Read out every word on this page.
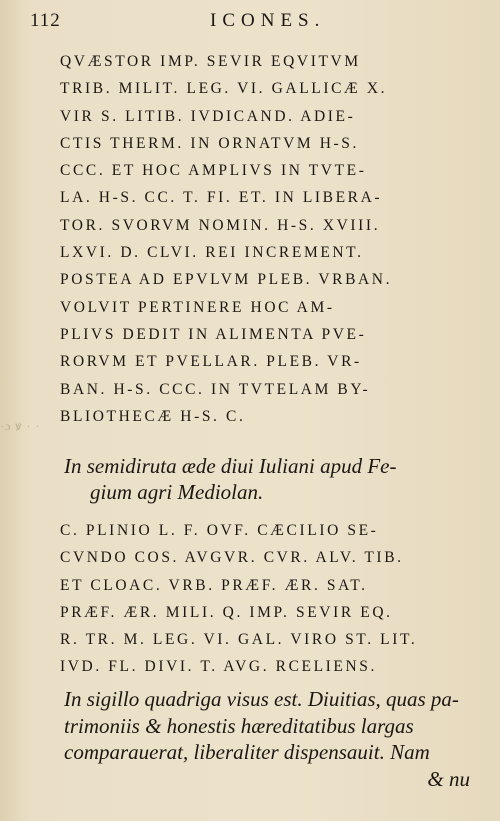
112	ICONES.
·ɔ ꝟ · ·
QVÆSTOR IMP. SEVIR EQVITVM
TRIB. MILIT. LEG. VI. GALLICÆ X.
VIR S. LITIB. IVDICAND. ADIE-
CTIS THERM. IN ORNATVM H-S.
CCC. ET HOC AMPLIVS IN TVTE-
LA. H-S. CC. T. FI. ET. IN LIBERA-
TOR. SVORVM NOMIN. H-S. XVIII.
LXVI. D. CLVI. REI INCREMENT.
POSTEA AD EPVLVM PLEB. VRBAN.
VOLVIT PERTINERE HOC AM-
PLIVS DEDIT IN ALIMENTA PVE-
RORVM ET PVELLAR. PLEB. VR-
BAN. H-S. CCC. IN TVTELAM BY-
BLIOTHECÆ H-S. C.
In semidiruta æde diui Iuliani apud Fe-
gium agri Mediolan.
C. PLINIO L. F. OVF. CÆCILIO SE-
CVNDO COS. AVGVR. CVR. ALV. TIB.
ET CLOAC. VRB. PRÆF. ÆR. SAT.
PRÆF. ÆR. MILI. Q. IMP. SEVIR EQ.
R. TR. M. LEG. VI. GAL. VIRO ST. LIT.
IVD. FL. DIVI. T. AVG. RCELIENS.
In sigillo quadriga visus est. Diuitias, quas pa-
trimoniis & honestis hæreditatibus largas
comparauerat, liberaliter dispensauit. Nam
& nu
